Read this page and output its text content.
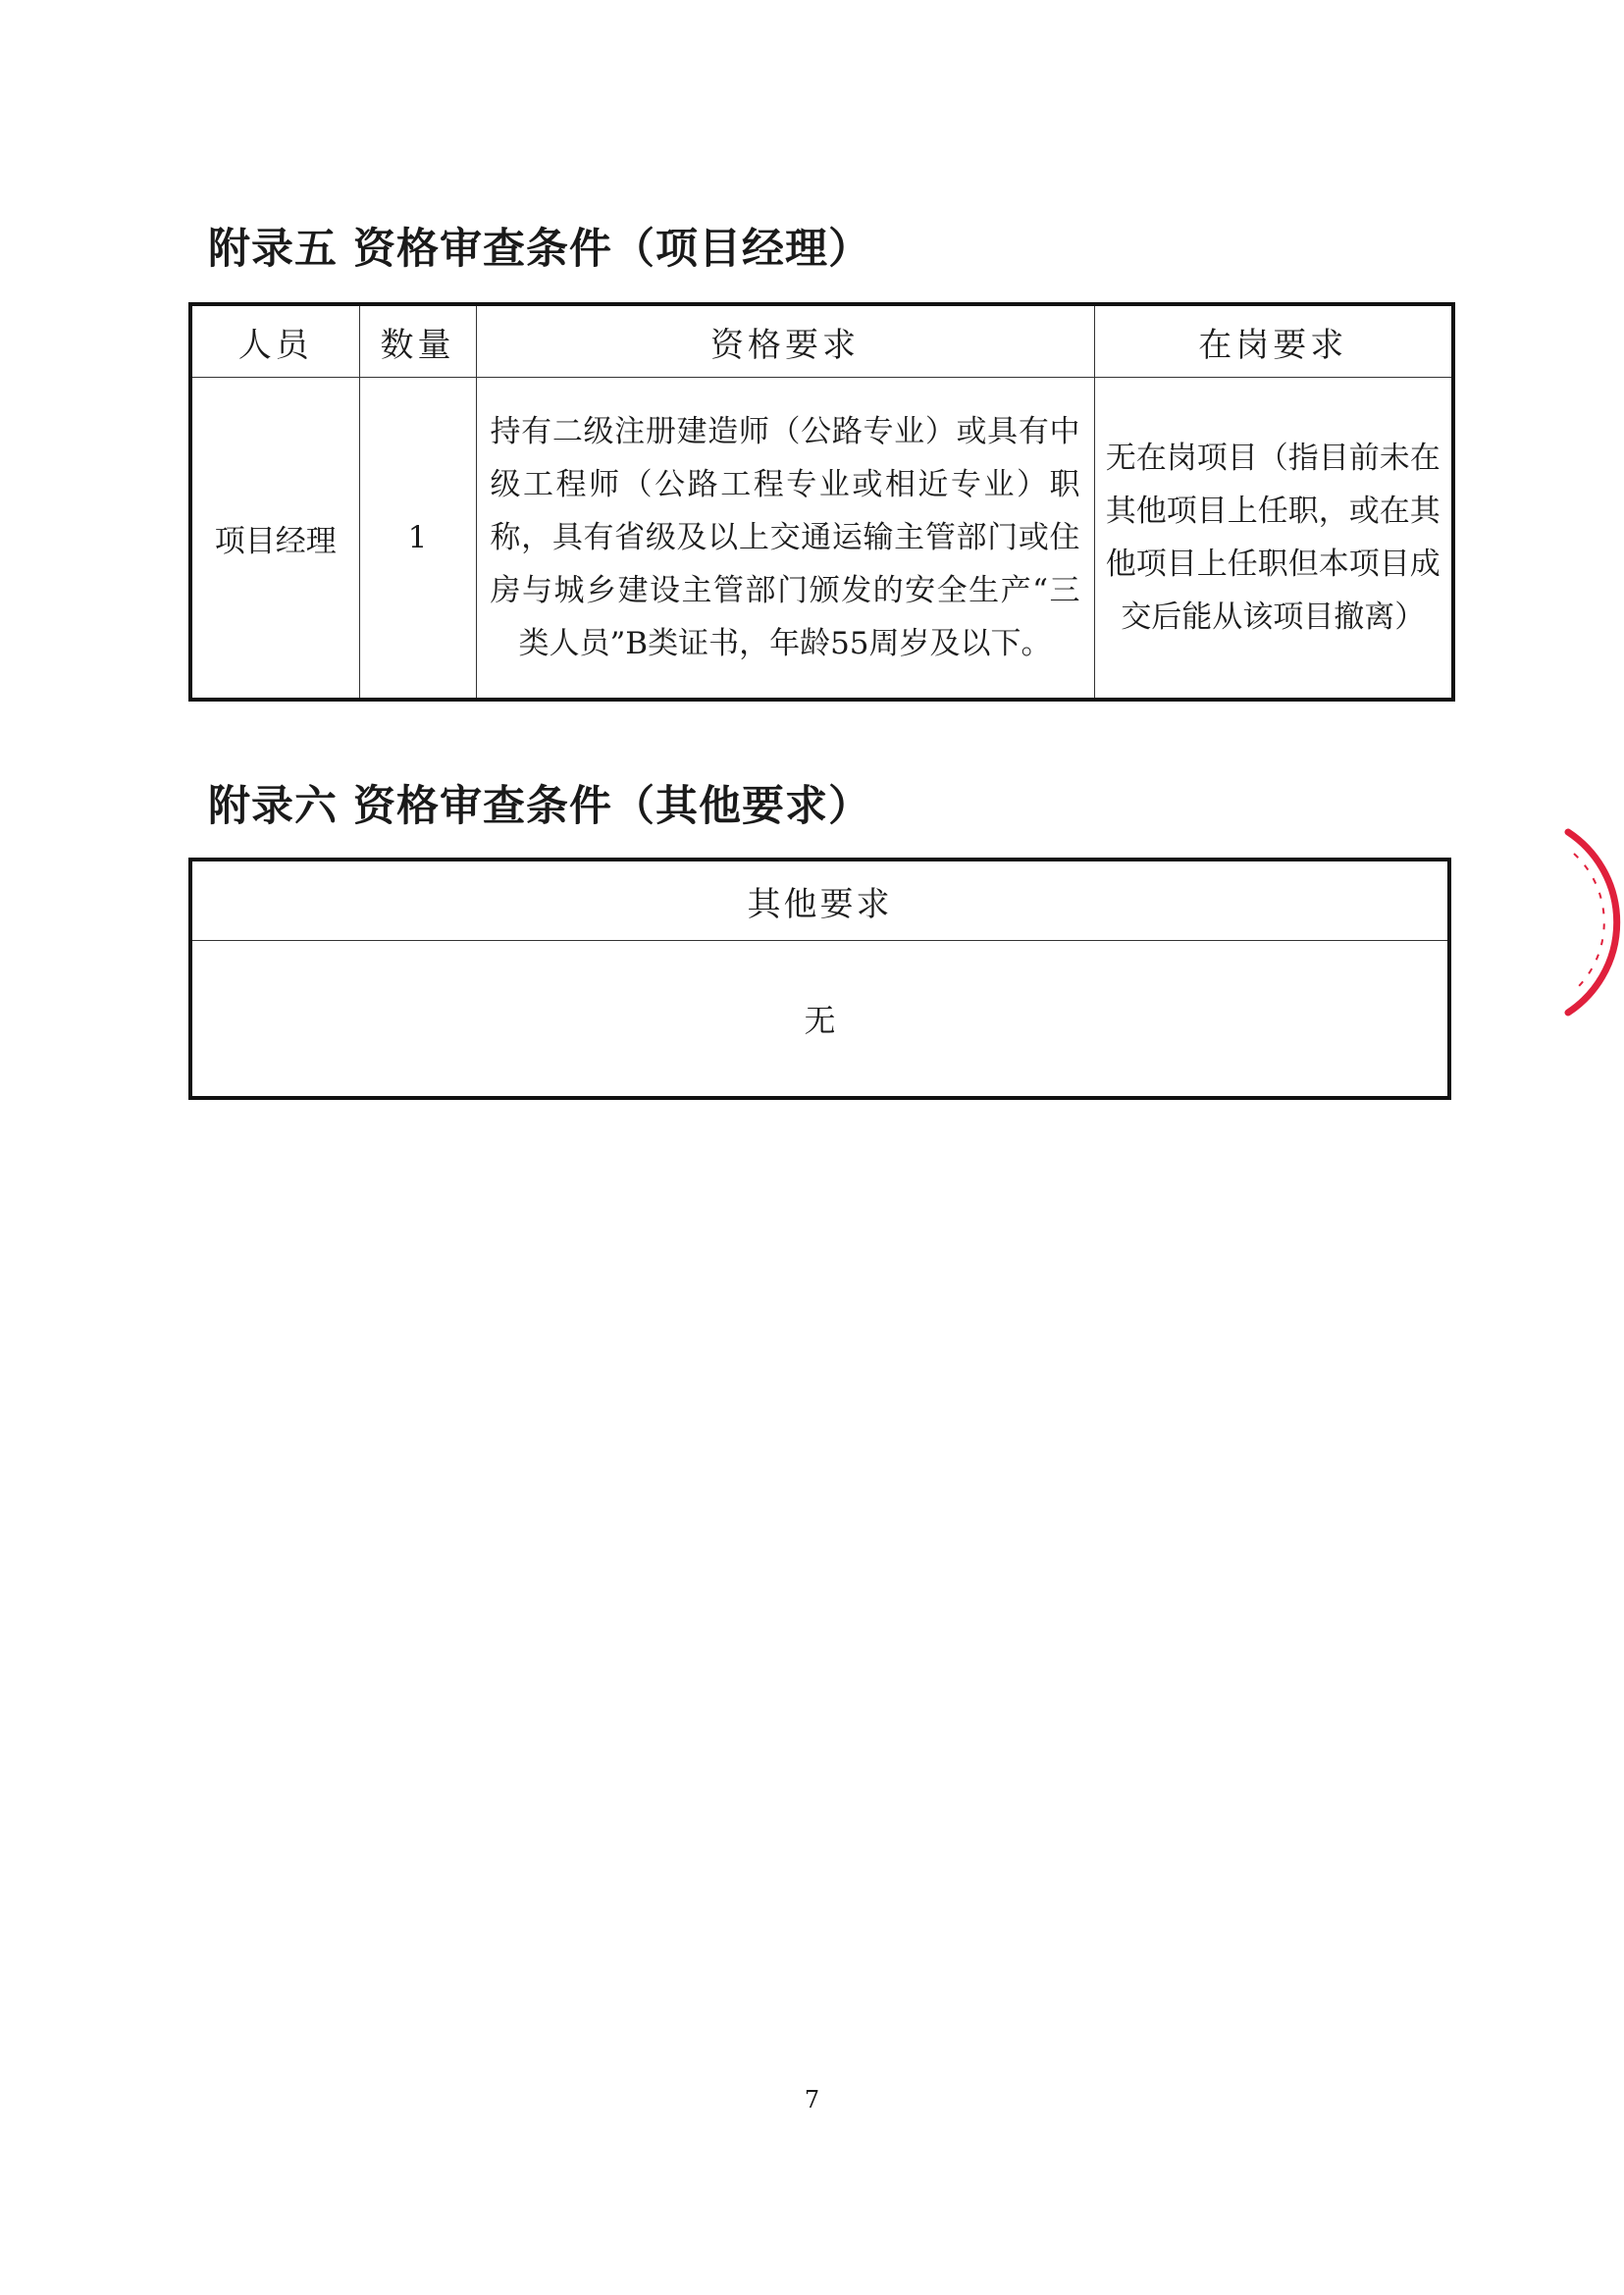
附录五 资格审查条件（项目经理）
人员	数量	资格要求	在岗要求
项目经理	1	持有二级注册建造师（公路专业）或具有中级工程师（公路工程专业或相近专业）职称，具有省级及以上交通运输主管部门或住房与城乡建设主管部门颁发的安全生产“三类人员”B类证书，年龄55周岁及以下。	无在岗项目（指目前未在其他项目上任职，或在其他项目上任职但本项目成交后能从该项目撤离）
附录六 资格审查条件（其他要求）
其他要求
无

7
